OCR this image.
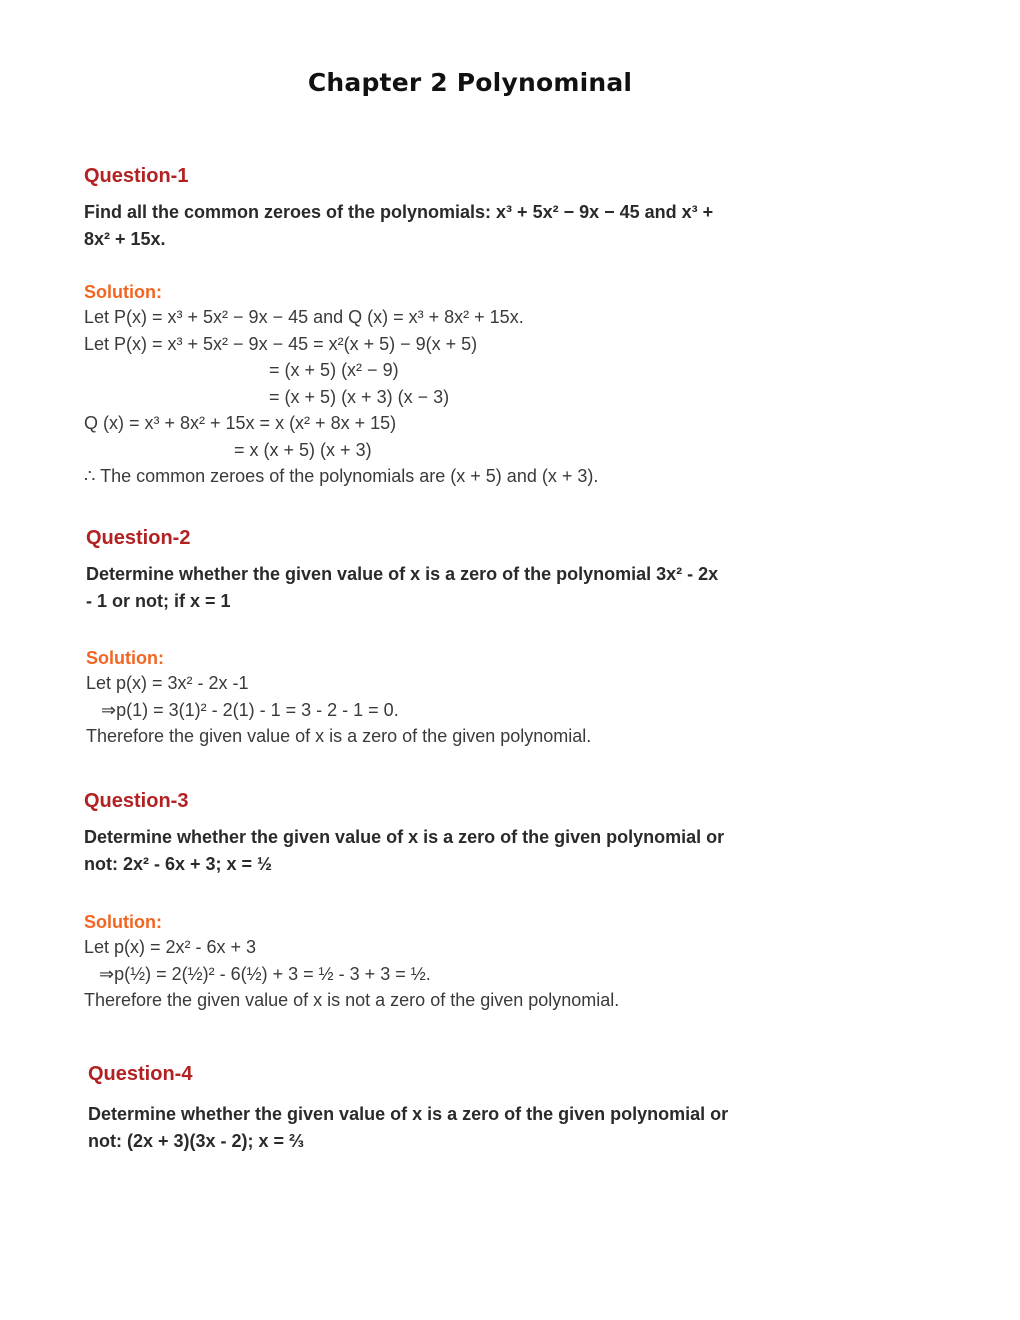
Chapter 2 Polynominal
Question-1
Find all the common zeroes of the polynomials: x³ + 5x² − 9x − 45 and x³ +
8x² + 15x.
Solution:
Let P(x) = x³ + 5x² − 9x − 45 and Q (x) = x³ + 8x² + 15x.
Let P(x) = x³ + 5x² − 9x − 45 = x²(x + 5) − 9(x + 5)
= (x + 5) (x² − 9)
= (x + 5) (x + 3) (x − 3)
Q (x) = x³ + 8x² + 15x = x (x² + 8x + 15)
= x (x + 5) (x + 3)
∴ The common zeroes of the polynomials are (x + 5) and (x + 3).
Question-2
Determine whether the given value of x is a zero of the polynomial 3x² - 2x
- 1 or not; if x = 1
Solution:
Let p(x) = 3x² - 2x -1
⇒p(1) = 3(1)² - 2(1) - 1 = 3 - 2 - 1 = 0.
Therefore the given value of x is a zero of the given polynomial.
Question-3
Determine whether the given value of x is a zero of the given polynomial or
not: 2x² - 6x + 3; x = ½
Solution:
Let p(x) = 2x² - 6x + 3
⇒p(½) = 2(½)² - 6(½) + 3 = ½ - 3 + 3 = ½.
Therefore the given value of x is not a zero of the given polynomial.
Question-4
Determine whether the given value of x is a zero of the given polynomial or
not: (2x + 3)(3x - 2); x = ⅔
